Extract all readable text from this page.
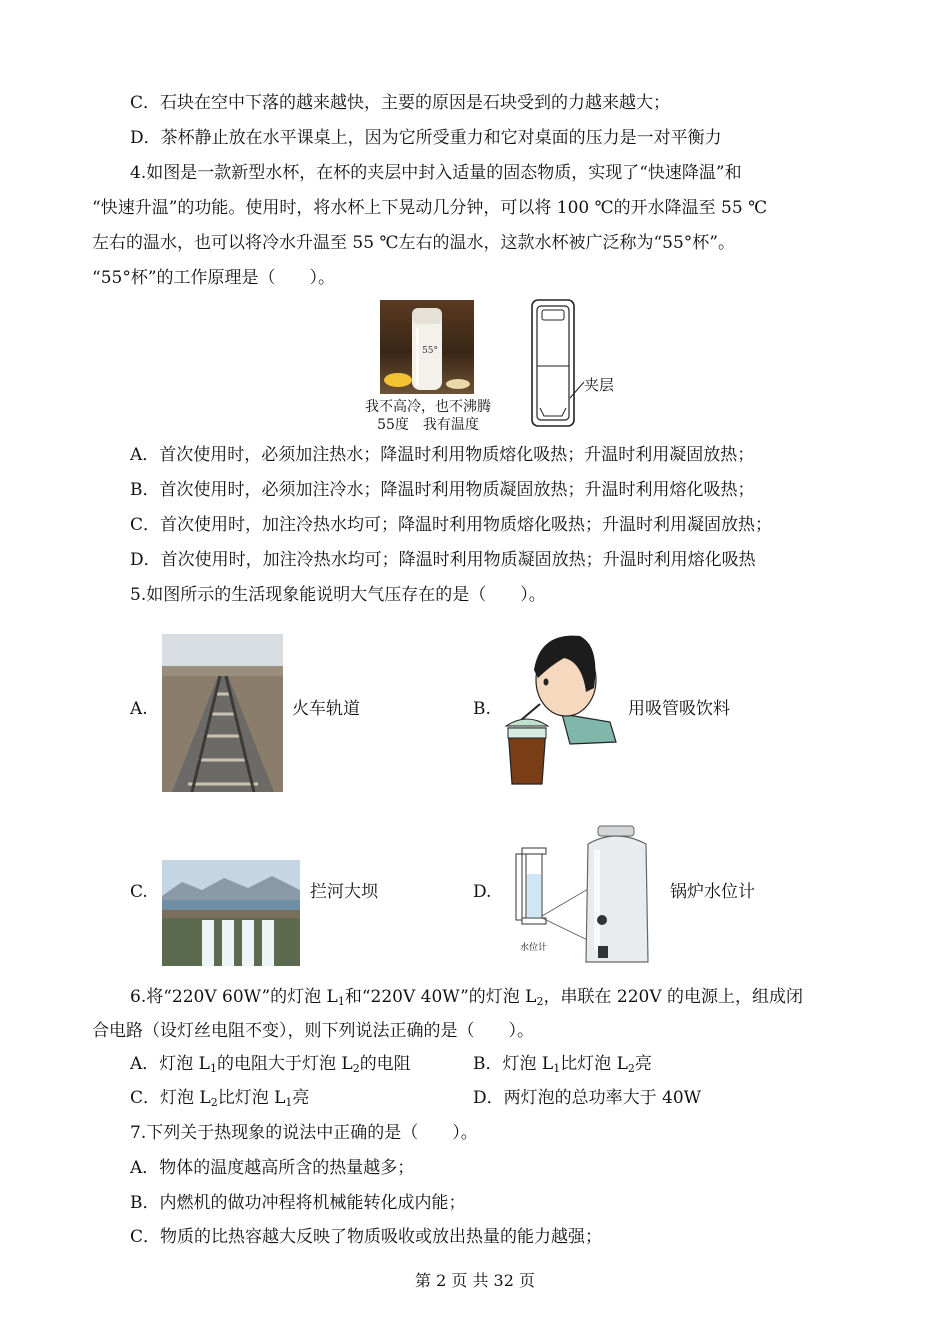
C．石块在空中下落的越来越快，主要的原因是石块受到的力越来越大；
D．茶杯静止放在水平课桌上，因为它所受重力和它对桌面的压力是一对平衡力
4.如图是一款新型水杯，在杯的夹层中封入适量的固态物质，实现了“快速降温”和
“快速升温”的功能。使用时，将水杯上下晃动几分钟，可以将 100 ℃的开水降温至 55 ℃
左右的温水，也可以将冷水升温至 55 ℃左右的温水，这款水杯被广泛称为“55°杯”。
“55°杯”的工作原理是（　　）。
55°
我不高冷，也不沸腾
55度　我有温度
夹层
A．首次使用时，必须加注热水；降温时利用物质熔化吸热；升温时利用凝固放热；
B．首次使用时，必须加注冷水；降温时利用物质凝固放热；升温时利用熔化吸热；
C．首次使用时，加注冷热水均可；降温时利用物质熔化吸热；升温时利用凝固放热；
D．首次使用时，加注冷热水均可；降温时利用物质凝固放热；升温时利用熔化吸热
5.如图所示的生活现象能说明大气压存在的是（　　）。
A.	火车轨道	B.	用吸管吸饮料
C.	拦河大坝	D.
水位计
锅炉水位计
6.将“220V 60W”的灯泡 $L_1$和“220V 40W”的灯泡 $L_2$，串联在 220V 的电源上，组成闭
合电路（设灯丝电阻不变），则下列说法正确的是（　　）。
A．灯泡 $L_1$的电阻大于灯泡 $L_2$的电阻	B．灯泡 $L_1$比灯泡 $L_2$亮
C．灯泡 $L_2$比灯泡 $L_1$亮	D．两灯泡的总功率大于 40W
7.下列关于热现象的说法中正确的是（　　）。
A．物体的温度越高所含的热量越多；
B．内燃机的做功冲程将机械能转化成内能；
C．物质的比热容越大反映了物质吸收或放出热量的能力越强；
第 2 页 共 32 页
